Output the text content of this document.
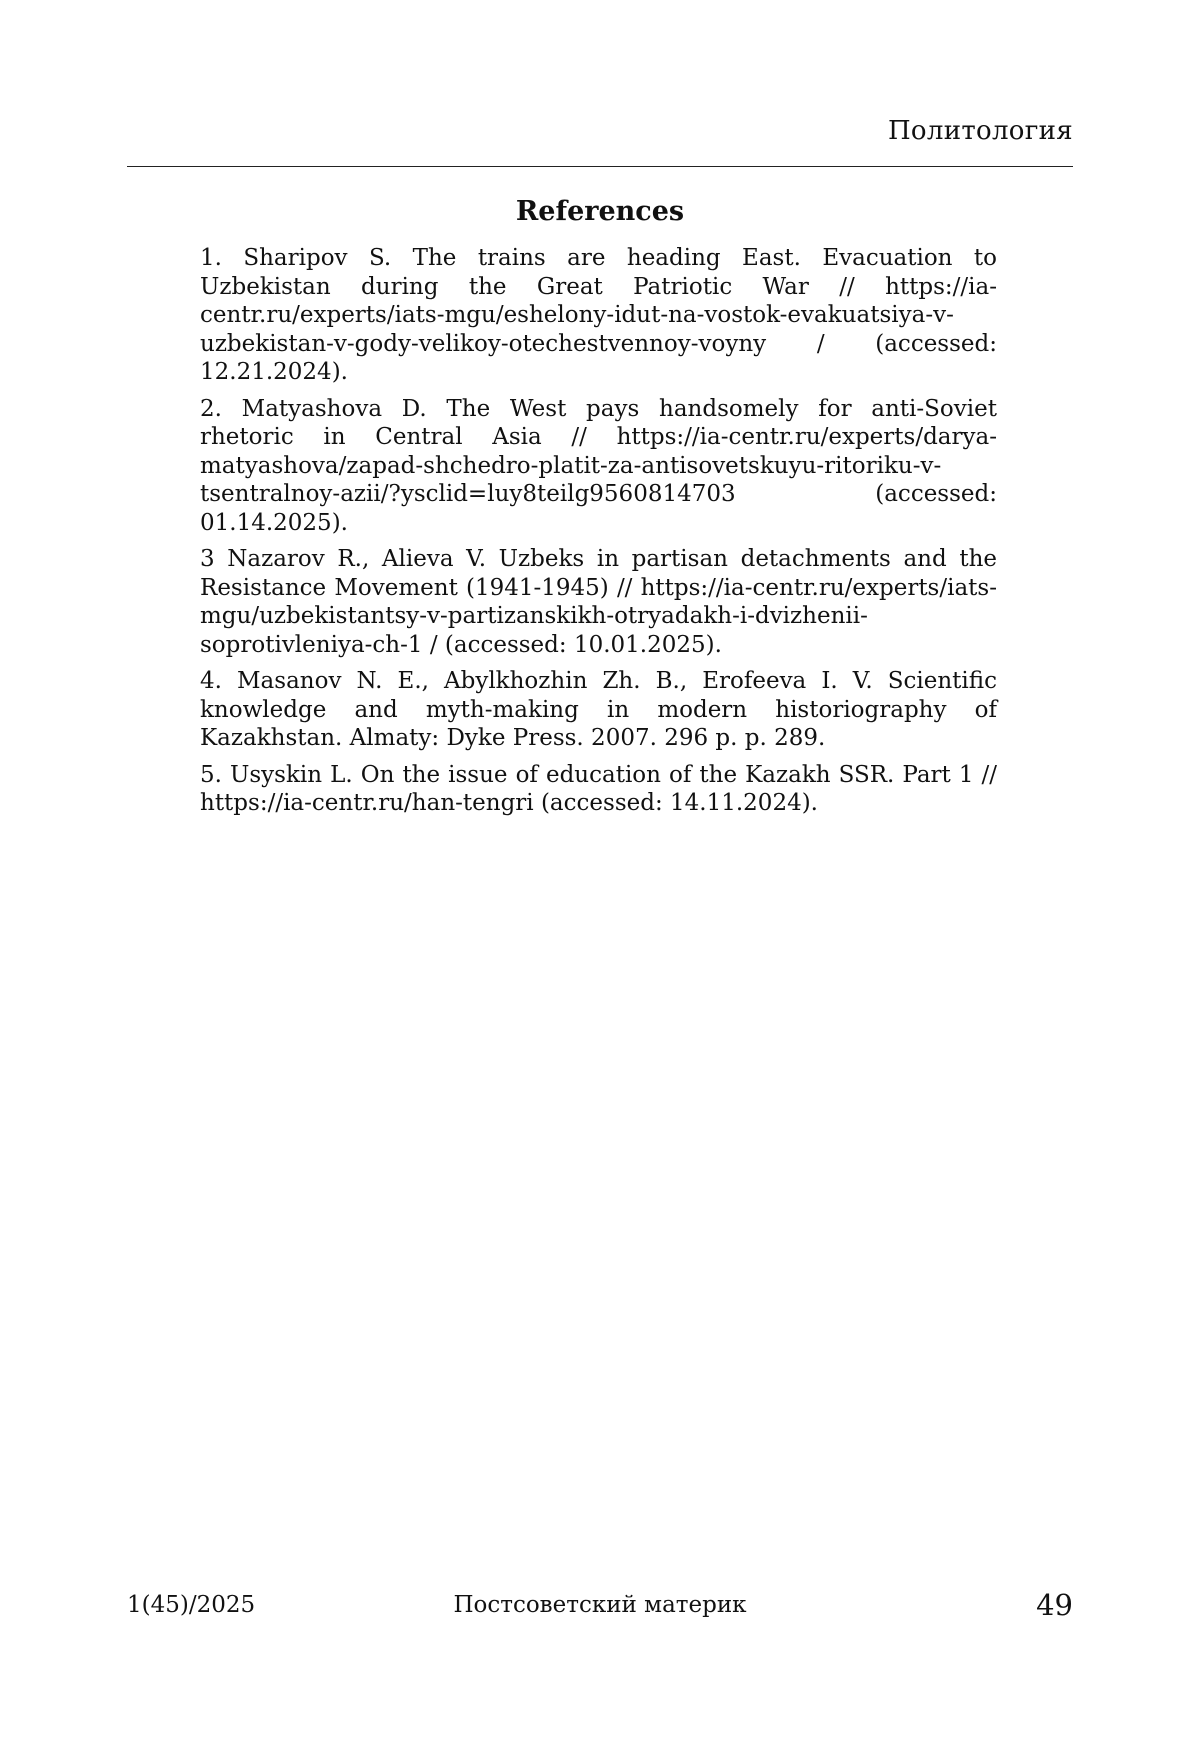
Политология
References
1. Sharipov S. The trains are heading East. Evacuation to Uzbekistan during the Great Patriotic War // https://ia-centr.ru/experts/iats-mgu/eshelony-idut-na-vostok-evakuatsiya-v-uzbekistan-v-gody-velikoy-otechestvennoy-voyny / (accessed: 12.21.2024).
2. Matyashova D. The West pays handsomely for anti-Soviet rhetoric in Central Asia // https://ia-centr.ru/experts/darya-matyashova/zapad-shchedro-platit-za-antisovetskuyu-ritoriku-v-tsentralnoy-azii/?ysclid=luy8teilg9560814703 (accessed: 01.14.2025).
3 Nazarov R., Alieva V. Uzbeks in partisan detachments and the Resistance Movement (1941-1945) // https://ia-centr.ru/experts/iats-mgu/uzbekistantsy-v-partizanskikh-otryadakh-i-dvizhenii-soprotivleniya-ch-1 / (accessed: 10.01.2025).
4. Masanov N. E., Abylkhozhin Zh. B., Erofeeva I. V. Scientific knowledge and myth-making in modern historiography of Kazakhstan. Almaty: Dyke Press. 2007. 296 p. p. 289.
5. Usyskin L. On the issue of education of the Kazakh SSR. Part 1 // https://ia-centr.ru/han-tengri (accessed: 14.11.2024).
1(45)/2025	Постсоветский материк	49
